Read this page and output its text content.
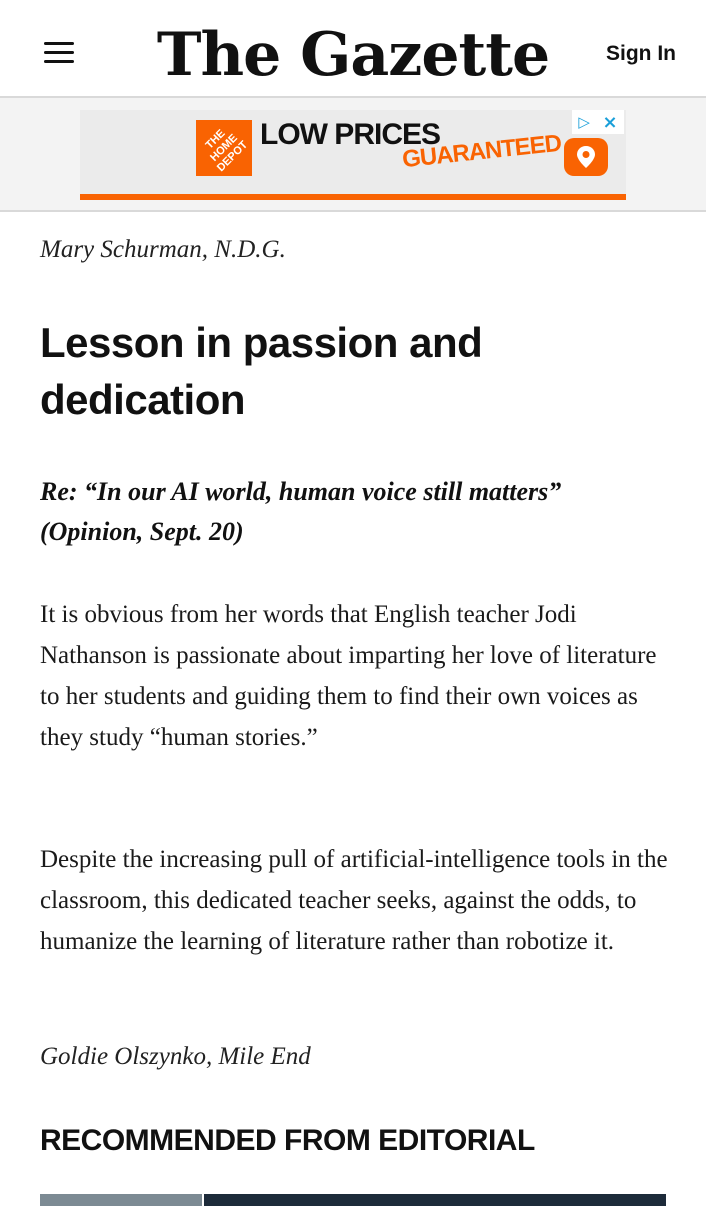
The Gazette	Sign In
THE HOME DEPOT
LOW PRICES
GUARANTEED
▷ ×

Mary Schurman, N.D.G.

Lesson in passion and dedication

Re: “In our AI world, human voice still matters” (Opinion, Sept. 20)

It is obvious from her words that English teacher Jodi Nathanson is passionate about imparting her love of literature to her students and guiding them to find their own voices as they study “human stories.”

Despite the increasing pull of artificial-intelligence tools in the classroom, this dedicated teacher seeks, against the odds, to humanize the learning of literature rather than robotize it.

Goldie Olszynko, Mile End

RECOMMENDED FROM EDITORIAL
